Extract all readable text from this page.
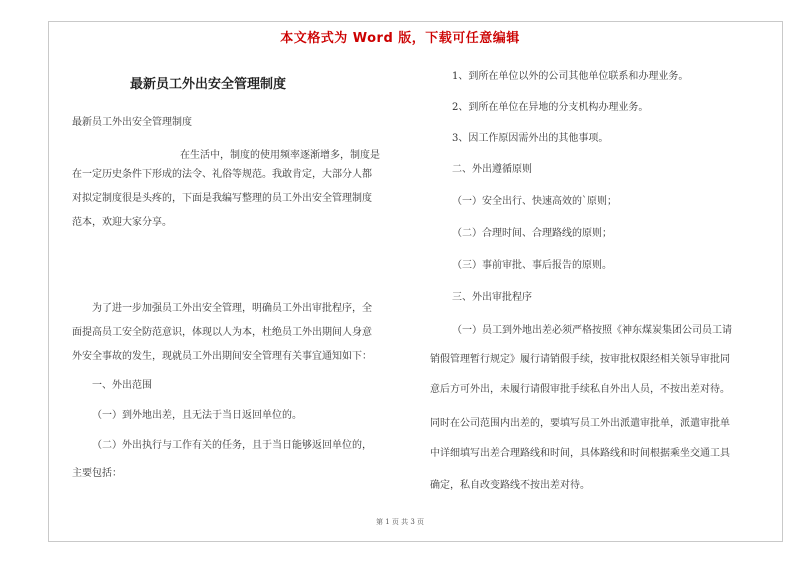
本文格式为 Word 版，下载可任意编辑
最新员工外出安全管理制度
最新员工外出安全管理制度
在生活中，制度的使用频率逐渐增多，制度是
在一定历史条件下形成的法令、礼俗等规范。我敢肯定，大部分人都
对拟定制度很是头疼的，下面是我编写整理的员工外出安全管理制度
范本，欢迎大家分享。
为了进一步加强员工外出安全管理，明确员工外出审批程序，全
面提高员工安全防范意识，体现以人为本，杜绝员工外出期间人身意
外安全事故的发生，现就员工外出期间安全管理有关事宜通知如下：
一、外出范围
（一）到外地出差，且无法于当日返回单位的。
（二）外出执行与工作有关的任务，且于当日能够返回单位的，
主要包括：
1、到所在单位以外的公司其他单位联系和办理业务。
2、到所在单位在异地的分支机构办理业务。
3、因工作原因需外出的其他事项。
二、外出遵循原则
（一）安全出行、快速高效的`原则；
（二）合理时间、合理路线的原则；
（三）事前审批、事后报告的原则。
三、外出审批程序
（一）员工到外地出差必须严格按照《神东煤炭集团公司员工请
销假管理暂行规定》履行请销假手续，按审批权限经相关领导审批同
意后方可外出，未履行请假审批手续私自外出人员，不按出差对待。
同时在公司范围内出差的，要填写员工外出派遣审批单，派遣审批单
中详细填写出差合理路线和时间，具体路线和时间根据乘坐交通工具
确定，私自改变路线不按出差对待。
第 1 页 共 3 页
